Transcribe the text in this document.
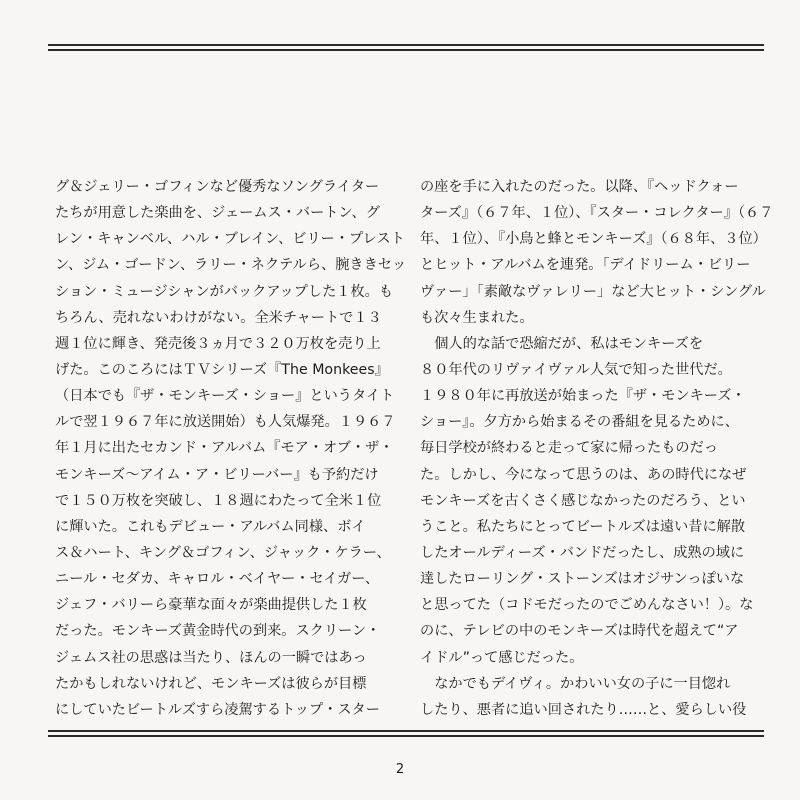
グ＆ジェリー・ゴフィンなど優秀なソングライター
たちが用意した楽曲を、ジェームス・バートン、グ
レン・キャンベル、ハル・ブレイン、ビリー・プレスト
ン、ジム・ゴードン、ラリー・ネクテルら、腕ききセッ
ション・ミュージシャンがバックアップした１枚。も
ちろん、売れないわけがない。全米チャートで１３
週１位に輝き、発売後３ヵ月で３２０万枚を売り上
げた。このころにはＴＶシリーズ『The Monkees』
（日本でも『ザ・モンキーズ・ショー』というタイト
ルで翌１９６７年に放送開始）も人気爆発。１９６７
年１月に出たセカンド・アルバム『モア・オブ・ザ・
モンキーズ〜アイム・ア・ビリーバー』も予約だけ
で１５０万枚を突破し、１８週にわたって全米１位
に輝いた。これもデビュー・アルバム同様、ボイ
ス＆ハート、キング＆ゴフィン、ジャック・ケラー、
ニール・セダカ、キャロル・ベイヤー・セイガー、
ジェフ・バリーら豪華な面々が楽曲提供した１枚
だった。モンキーズ黄金時代の到来。スクリーン・
ジェムス社の思惑は当たり、ほんの一瞬ではあっ
たかもしれないけれど、モンキーズは彼らが目標
にしていたビートルズすら凌駕するトップ・スター
の座を手に入れたのだった。以降、『ヘッドクォー
ターズ』（６７年、１位）、『スター・コレクター』（６７
年、１位）、『小鳥と蜂とモンキーズ』（６８年、３位）
とヒット・アルバムを連発。「デイドリーム・ビリー
ヴァー」「素敵なヴァレリー」など大ヒット・シングル
も次々生まれた。
　個人的な話で恐縮だが、私はモンキーズを
８０年代のリヴァイヴァル人気で知った世代だ。
１９８０年に再放送が始まった『ザ・モンキーズ・
ショー』。夕方から始まるその番組を見るために、
毎日学校が終わると走って家に帰ったものだっ
た。しかし、今になって思うのは、あの時代になぜ
モンキーズを古くさく感じなかったのだろう、とい
うこと。私たちにとってビートルズは遠い昔に解散
したオールディーズ・バンドだったし、成熟の域に
達したローリング・ストーンズはオジサンっぽいな
と思ってた（コドモだったのでごめんなさい！）。な
のに、テレビの中のモンキーズは時代を超えて“ア
イドル”って感じだった。
　なかでもデイヴィ。かわいい女の子に一目惚れ
したり、悪者に追い回されたり……と、愛らしい役
2
